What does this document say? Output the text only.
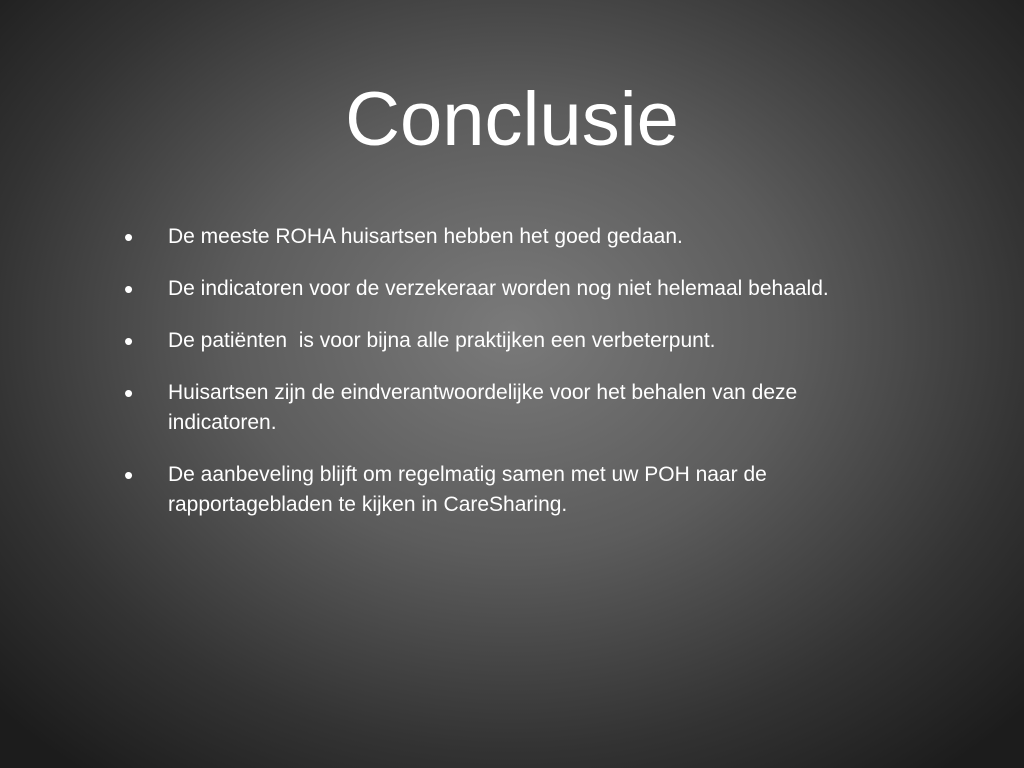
Conclusie
• De meeste ROHA huisartsen hebben het goed gedaan.
• De indicatoren voor de verzekeraar worden nog niet helemaal behaald.
• De patiënten  is voor bijna alle praktijken een verbeterpunt.
• Huisartsen zijn de eindverantwoordelijke voor het behalen van deze indicatoren.
• De aanbeveling blijft om regelmatig samen met uw POH naar de rapportagebladen te kijken in CareSharing.
